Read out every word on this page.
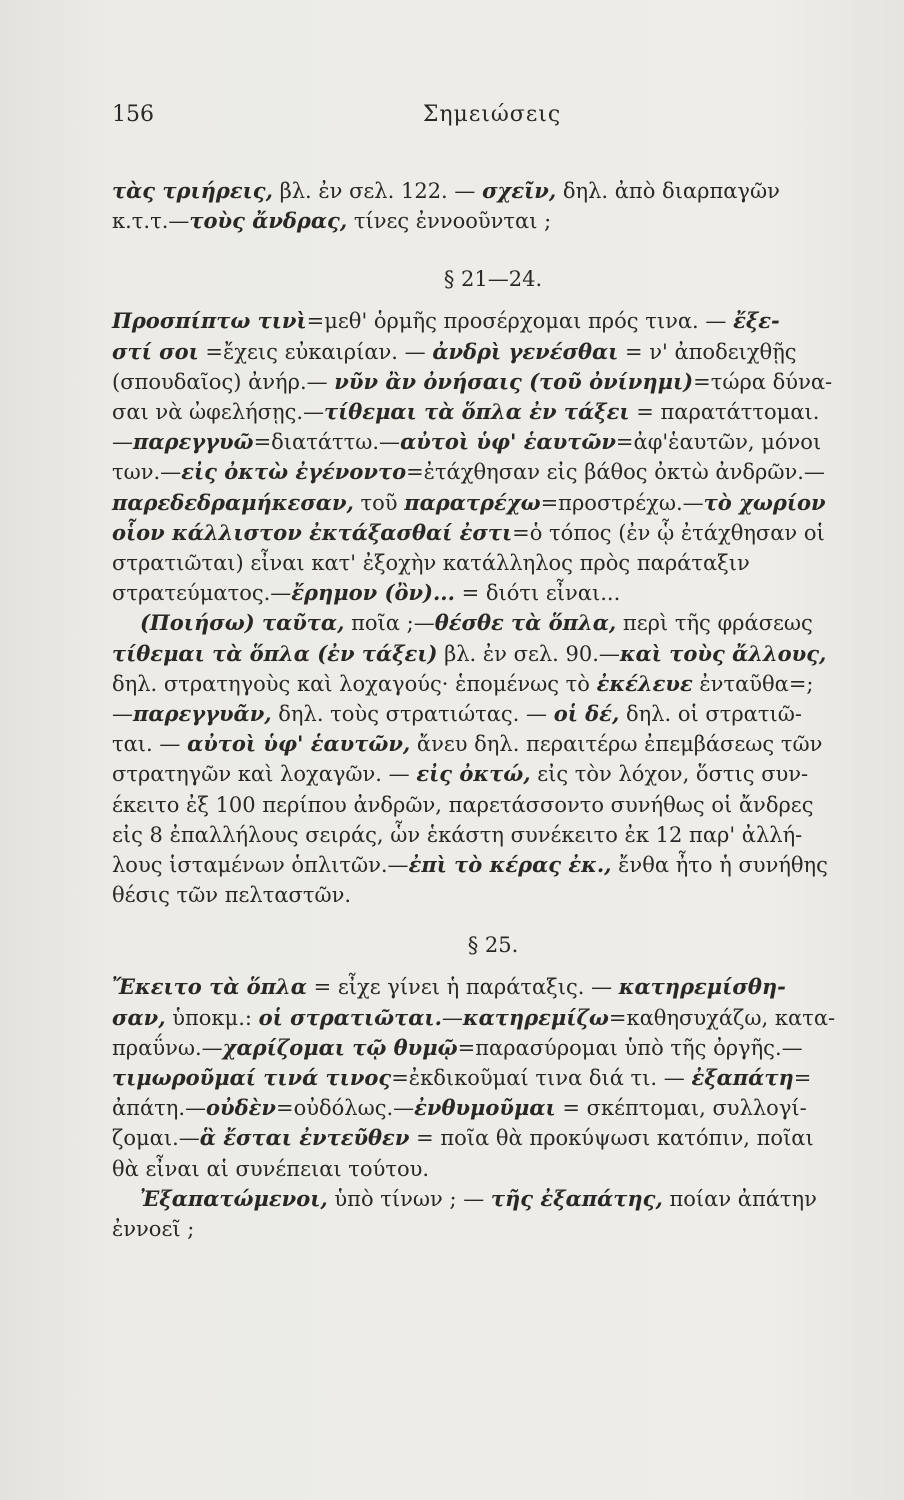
156	Σημειώσεις
τὰς τριήρεις, βλ. ἐν σελ. 122. — σχεῖν, δηλ. ἀπὸ διαρπαγῶν
κ.τ.τ.—τοὺς ἄνδρας, τίνες ἐννοοῦνται ;
§ 21—24.
Προσπίπτω τινὶ=μεθ' ὁρμῆς προσέρχομαι πρός τινα. — ἔξε-
στί σοι =ἔχεις εὐκαιρίαν. — ἀνδρὶ γενέσθαι = ν' ἀποδειχθῇς
(σπουδαῖος) ἀνήρ.— νῦν ἂν ὀνήσαις (τοῦ ὀνίνημι)=τώρα δύνα-
σαι νὰ ὠφελήσῃς.—τίθεμαι τὰ ὅπλα ἐν τάξει = παρατάττομαι.
—παρεγγυῶ=διατάττω.—αὐτοὶ ὑφ' ἑαυτῶν=ἀφ'ἑαυτῶν, μόνοι
των.—εἰς ὀκτὼ ἐγένοντο=ἐτάχθησαν εἰς βάθος ὀκτὼ ἀνδρῶν.—
παρεδεδραμήκεσαν, τοῦ παρατρέχω=προστρέχω.—τὸ χωρίον
οἷον κάλλιστον ἐκτάξασθαί ἐστι=ὁ τόπος (ἐν ᾧ ἐτάχθησαν οἱ
στρατιῶται) εἶναι κατ' ἐξοχὴν κατάλληλος πρὸς παράταξιν
στρατεύματος.—ἔρημον (ὂν)... = διότι εἶναι...
(Ποιήσω) ταῦτα, ποῖα ;—θέσθε τὰ ὅπλα, περὶ τῆς φράσεως
τίθεμαι τὰ ὅπλα (ἐν τάξει) βλ. ἐν σελ. 90.—καὶ τοὺς ἄλλους,
δηλ. στρατηγοὺς καὶ λοχαγούς· ἑπομένως τὸ ἐκέλευε ἐνταῦθα=;
—παρεγγυᾶν, δηλ. τοὺς στρατιώτας. — οἱ δέ, δηλ. οἱ στρατιῶ-
ται. — αὐτοὶ ὑφ' ἑαυτῶν, ἄνευ δηλ. περαιτέρω ἐπεμβάσεως τῶν
στρατηγῶν καὶ λοχαγῶν. — εἰς ὀκτώ, εἰς τὸν λόχον, ὅστις συν-
έκειτο ἐξ 100 περίπου ἀνδρῶν, παρετάσσοντο συνήθως οἱ ἄνδρες
εἰς 8 ἐπαλλήλους σειράς, ὧν ἑκάστη συνέκειτο ἐκ 12 παρ' ἀλλή-
λους ἱσταμένων ὁπλιτῶν.—ἐπὶ τὸ κέρας ἐκ., ἔνθα ἦτο ἡ συνήθης
θέσις τῶν πελταστῶν.
§ 25.
Ἔκειτο τὰ ὅπλα = εἶχε γίνει ἡ παράταξις. — κατηρεμίσθη-
σαν, ὑποκμ.: οἱ στρατιῶται.—κατηρεμίζω=καθησυχάζω, κατα-
πραΰνω.—χαρίζομαι τῷ θυμῷ=παρασύρομαι ὑπὸ τῆς ὀργῆς.—
τιμωροῦμαί τινά τινος=ἐκδικοῦμαί τινα διά τι. — ἐξαπάτη=
ἀπάτη.—οὐδὲν=οὐδόλως.—ἐνθυμοῦμαι = σκέπτομαι, συλλογί-
ζομαι.—ἃ ἔσται ἐντεῦθεν = ποῖα θὰ προκύψωσι κατόπιν, ποῖαι
θὰ εἶναι αἱ συνέπειαι τούτου.
Ἐξαπατώμενοι, ὑπὸ τίνων ; — τῆς ἐξαπάτης, ποίαν ἀπάτην
ἐννοεῖ ;
